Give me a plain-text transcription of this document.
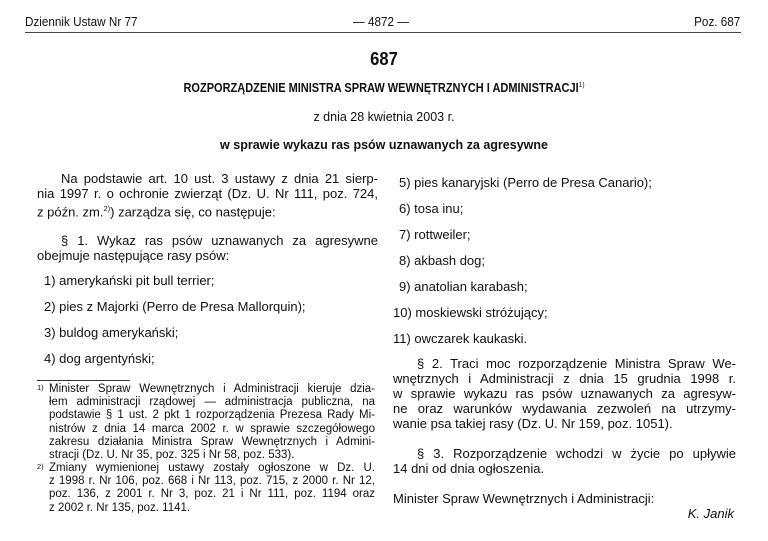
Dziennik Ustaw Nr 77	— 4872 —	Poz. 687
687
ROZPORZĄDZENIE MINISTRA SPRAW WEWNĘTRZNYCH I ADMINISTRACJI$^{1)}$
z dnia 28 kwietnia 2003 r.
w sprawie wykazu ras psów uznawanych za agresywne
Na podstawie art. 10 ust. 3 ustawy z dnia 21 sierp-
nia 1997 r. o ochronie zwierząt (Dz. U. Nr 111, poz. 724,
z późn. zm.$^{2)}$) zarządza się, co następuje:
§ 1. Wykaz ras psów uznawanych za agresywne
obejmuje następujące rasy psów:
1) amerykański pit bull terrier;
2) pies z Majorki (Perro de Presa Mallorquin);
3) buldog amerykański;
4) dog argentyński;
5) pies kanaryjski (Perro de Presa Canario);
6) tosa inu;
7) rottweiler;
8) akbash dog;
9) anatolian karabash;
10) moskiewski stróżujący;
11) owczarek kaukaski.
§ 2. Traci moc rozporządzenie Ministra Spraw We-
wnętrznych i Administracji z dnia 15 grudnia 1998 r.
w sprawie wykazu ras psów uznawanych za agresyw-
ne oraz warunków wydawania zezwoleń na utrzymy-
wanie psa takiej rasy (Dz. U. Nr 159, poz. 1051).
§ 3. Rozporządzenie wchodzi w życie po upływie
14 dni od dnia ogłoszenia.
Minister Spraw Wewnętrznych i Administracji:
K. Janik
1) Minister Spraw Wewnętrznych i Administracji kieruje dzia-
łem administracji rządowej — administracja publiczna, na
podstawie § 1 ust. 2 pkt 1 rozporządzenia Prezesa Rady Mi-
nistrów z dnia 14 marca 2002 r. w sprawie szczegółowego
zakresu działania Ministra Spraw Wewnętrznych i Admini-
stracji (Dz. U. Nr 35, poz. 325 i Nr 58, poz. 533).
2) Zmiany wymienionej ustawy zostały ogłoszone w Dz. U.
z 1998 r. Nr 106, poz. 668 i Nr 113, poz. 715, z 2000 r. Nr 12,
poz. 136, z 2001 r. Nr 3, poz. 21 i Nr 111, poz. 1194 oraz
z 2002 r. Nr 135, poz. 1141.
